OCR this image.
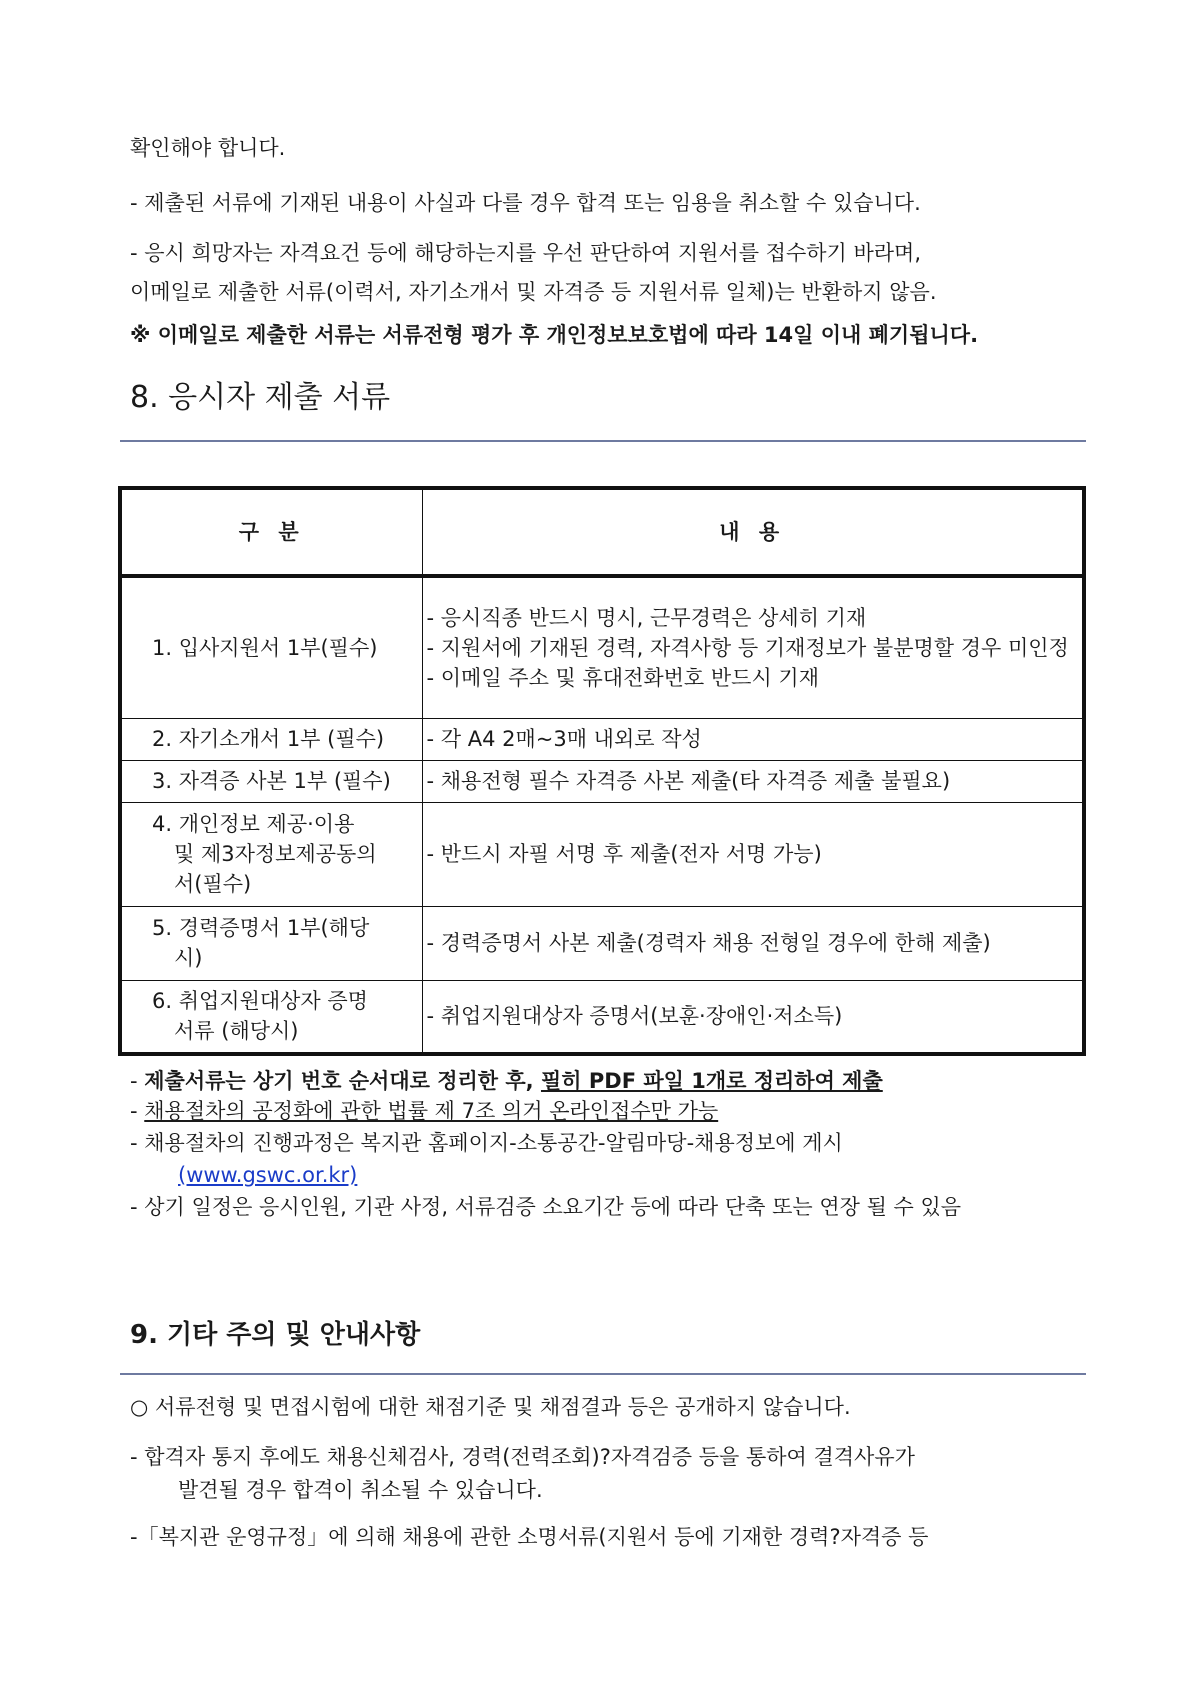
확인해야 합니다.
- 제출된 서류에 기재된 내용이 사실과 다를 경우 합격 또는 임용을 취소할 수 있습니다.
- 응시 희망자는 자격요건 등에 해당하는지를 우선 판단하여 지원서를 접수하기 바라며,
이메일로 제출한 서류(이력서, 자기소개서 및 자격증 등 지원서류 일체)는 반환하지 않음.
※ 이메일로 제출한 서류는 서류전형 평가 후 개인정보보호법에 따라 14일 이내 폐기됩니다.
8. 응시자 제출 서류
구 분	내 용
1. 입사지원서 1부(필수)	- 응시직종 반드시 명시, 근무경력은 상세히 기재
- 지원서에 기재된 경력, 자격사항 등 기재정보가 불분명할 경우 미인정
- 이메일 주소 및 휴대전화번호 반드시 기재

2. 자기소개서 1부 (필수)	- 각 A4 2매~3매 내외로 작성

3. 자격증 사본 1부 (필수)	- 채용전형 필수 자격증 사본 제출(타 자격증 제출 불필요)

4. 개인정보 제공·이용
및 제3자정보제공동의
서(필수)	- 반드시 자필 서명 후 제출(전자 서명 가능)

5. 경력증명서 1부(해당
시)	- 경력증명서 사본 제출(경력자 채용 전형일 경우에 한해 제출)

6. 취업지원대상자 증명
서류 (해당시)	- 취업지원대상자 증명서(보훈·장애인·저소득)
- 제출서류는 상기 번호 순서대로 정리한 후, 필히 PDF 파일 1개로 정리하여 제출
- 채용절차의 공정화에 관한 법률 제 7조 의거 온라인접수만 가능
- 채용절차의 진행과정은 복지관 홈페이지-소통공간-알림마당-채용정보에 게시
(www.gswc.or.kr)
- 상기 일정은 응시인원, 기관 사정, 서류검증 소요기간 등에 따라 단축 또는 연장 될 수 있음
9. 기타 주의 및 안내사항
○ 서류전형 및 면접시험에 대한 채점기준 및 채점결과 등은 공개하지 않습니다.
- 합격자 통지 후에도 채용신체검사, 경력(전력조회)?자격검증 등을 통하여 결격사유가
발견될 경우 합격이 취소될 수 있습니다.
-「복지관 운영규정」에 의해 채용에 관한 소명서류(지원서 등에 기재한 경력?자격증 등
